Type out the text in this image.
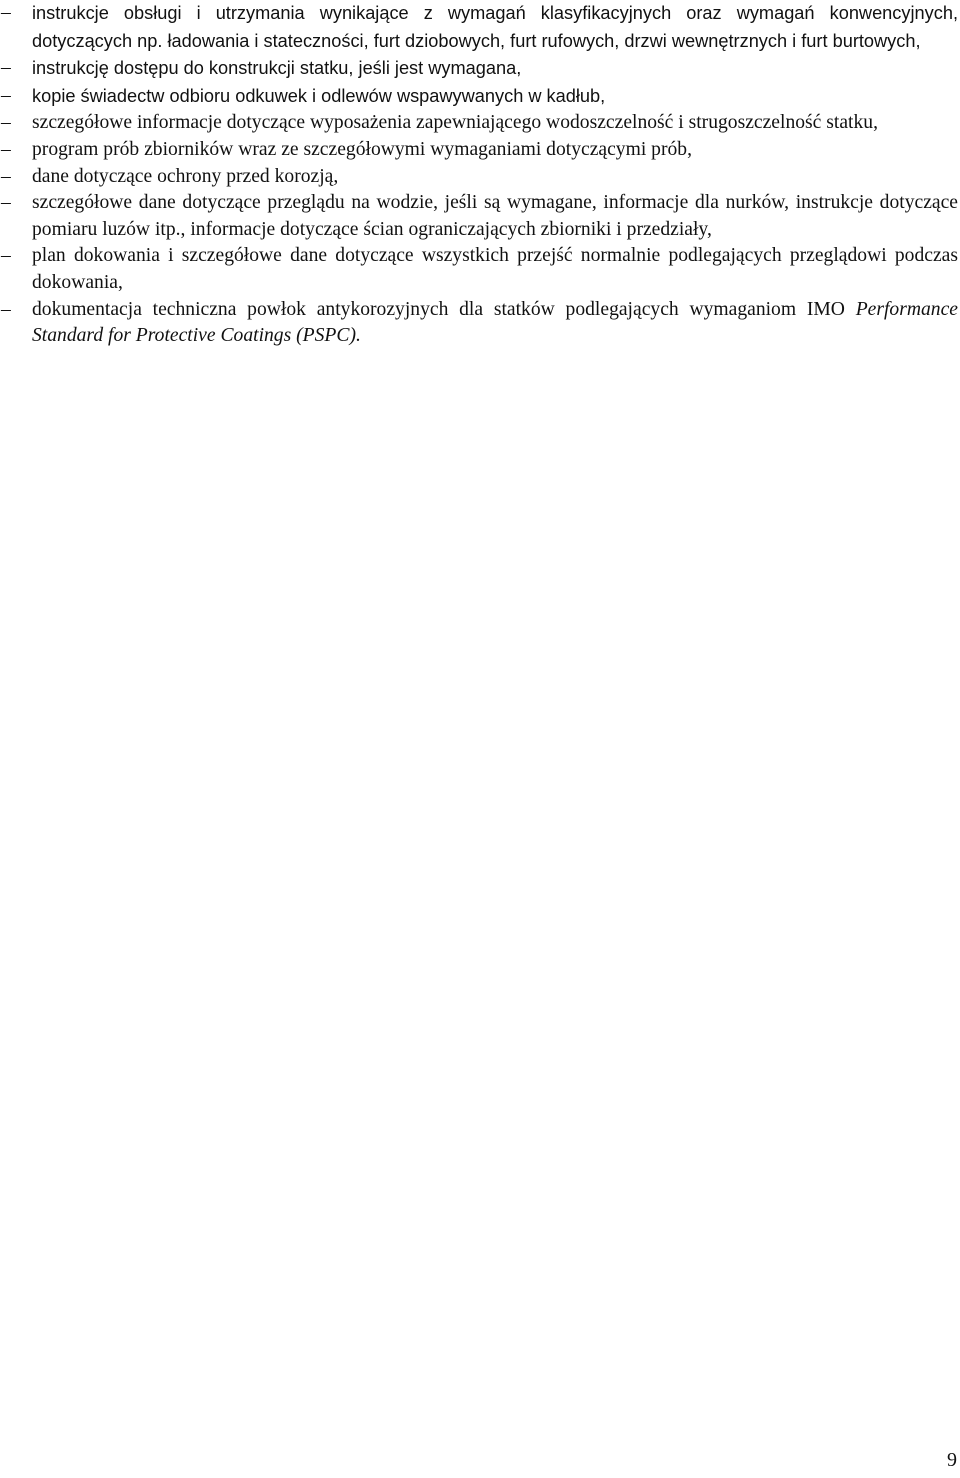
–
instrukcje obsługi i utrzymania wynikające z wymagań klasyfikacyjnych oraz wymagań konwencyjnych, dotyczących np. ładowania i stateczności, furt dziobowych, furt rufowych, drzwi wewnętrznych i furt burtowych,
–
instrukcję dostępu do konstrukcji statku, jeśli jest wymagana,
–
kopie świadectw odbioru odkuwek i odlewów wspawywanych w kadłub,
–
szczegółowe informacje dotyczące wyposażenia zapewniającego wodoszczelność i strugoszczelność statku,
–
program prób zbiorników wraz ze szczegółowymi wymaganiami dotyczącymi prób,
–
dane dotyczące ochrony przed korozją,
–
szczegółowe dane dotyczące przeglądu na wodzie, jeśli są wymagane, informacje dla nurków, instrukcje dotyczące pomiaru luzów itp., informacje dotyczące ścian ograniczających zbiorniki i przedziały,
–
plan dokowania i szczegółowe dane dotyczące wszystkich przejść normalnie podlegających przeglądowi podczas dokowania,
–
dokumentacja techniczna powłok antykorozyjnych dla statków podlegających wymaganiom IMO Performance Standard for Protective Coatings (PSPC).
9
